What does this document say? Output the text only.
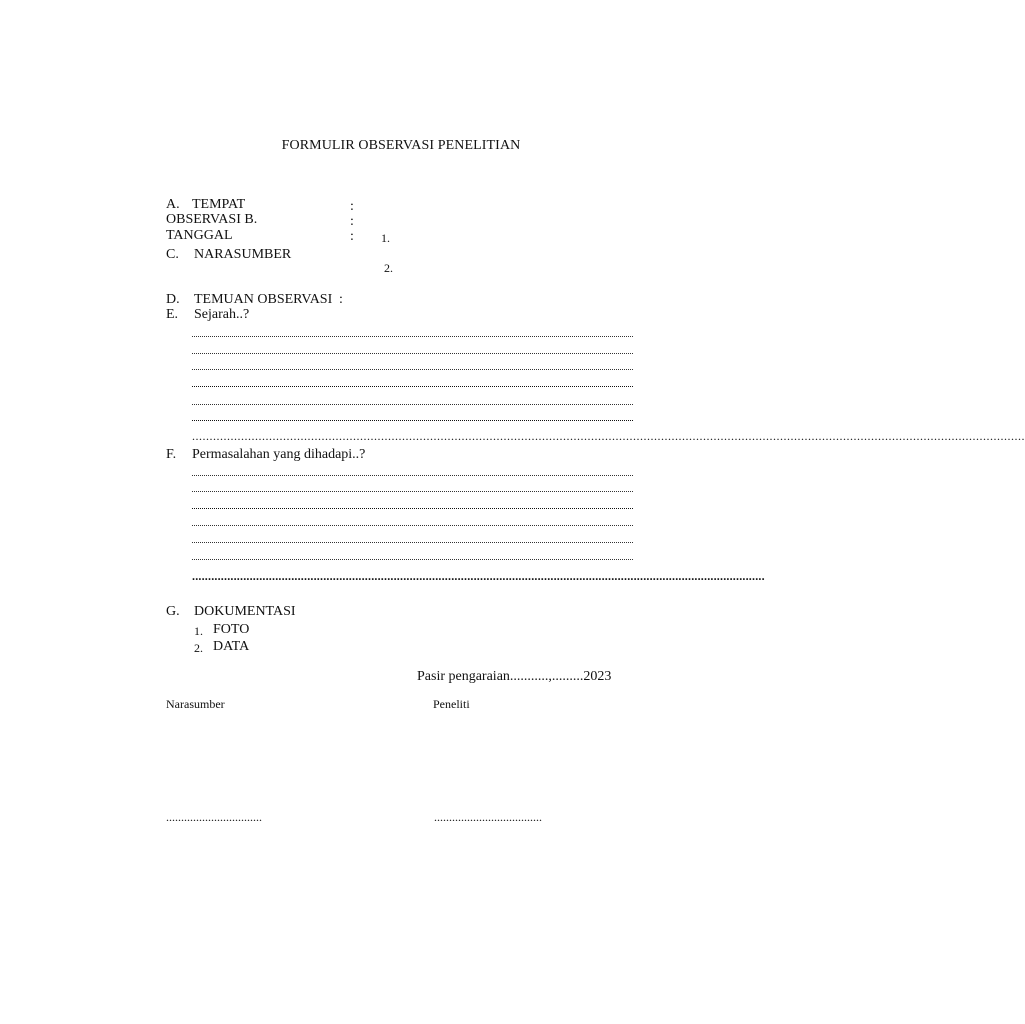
FORMULIR OBSERVASI PENELITIAN
A. TEMPAT	:
OBSERVASI B.	:
TANGGAL	: 1.
C. NARASUMBER
2.
D. TEMUAN OBSERVASI :
E. Sejarah..?
..............................................................................................................................................................................................................................................
F. Permasalahan yang dihadapi..?
...................................................................................................................................................................................
G. DOKUMENTASI
1. FOTO
2. DATA
Pasir pengaraian...........,.........2023
Narasumber	Peneliti
................................	....................................
